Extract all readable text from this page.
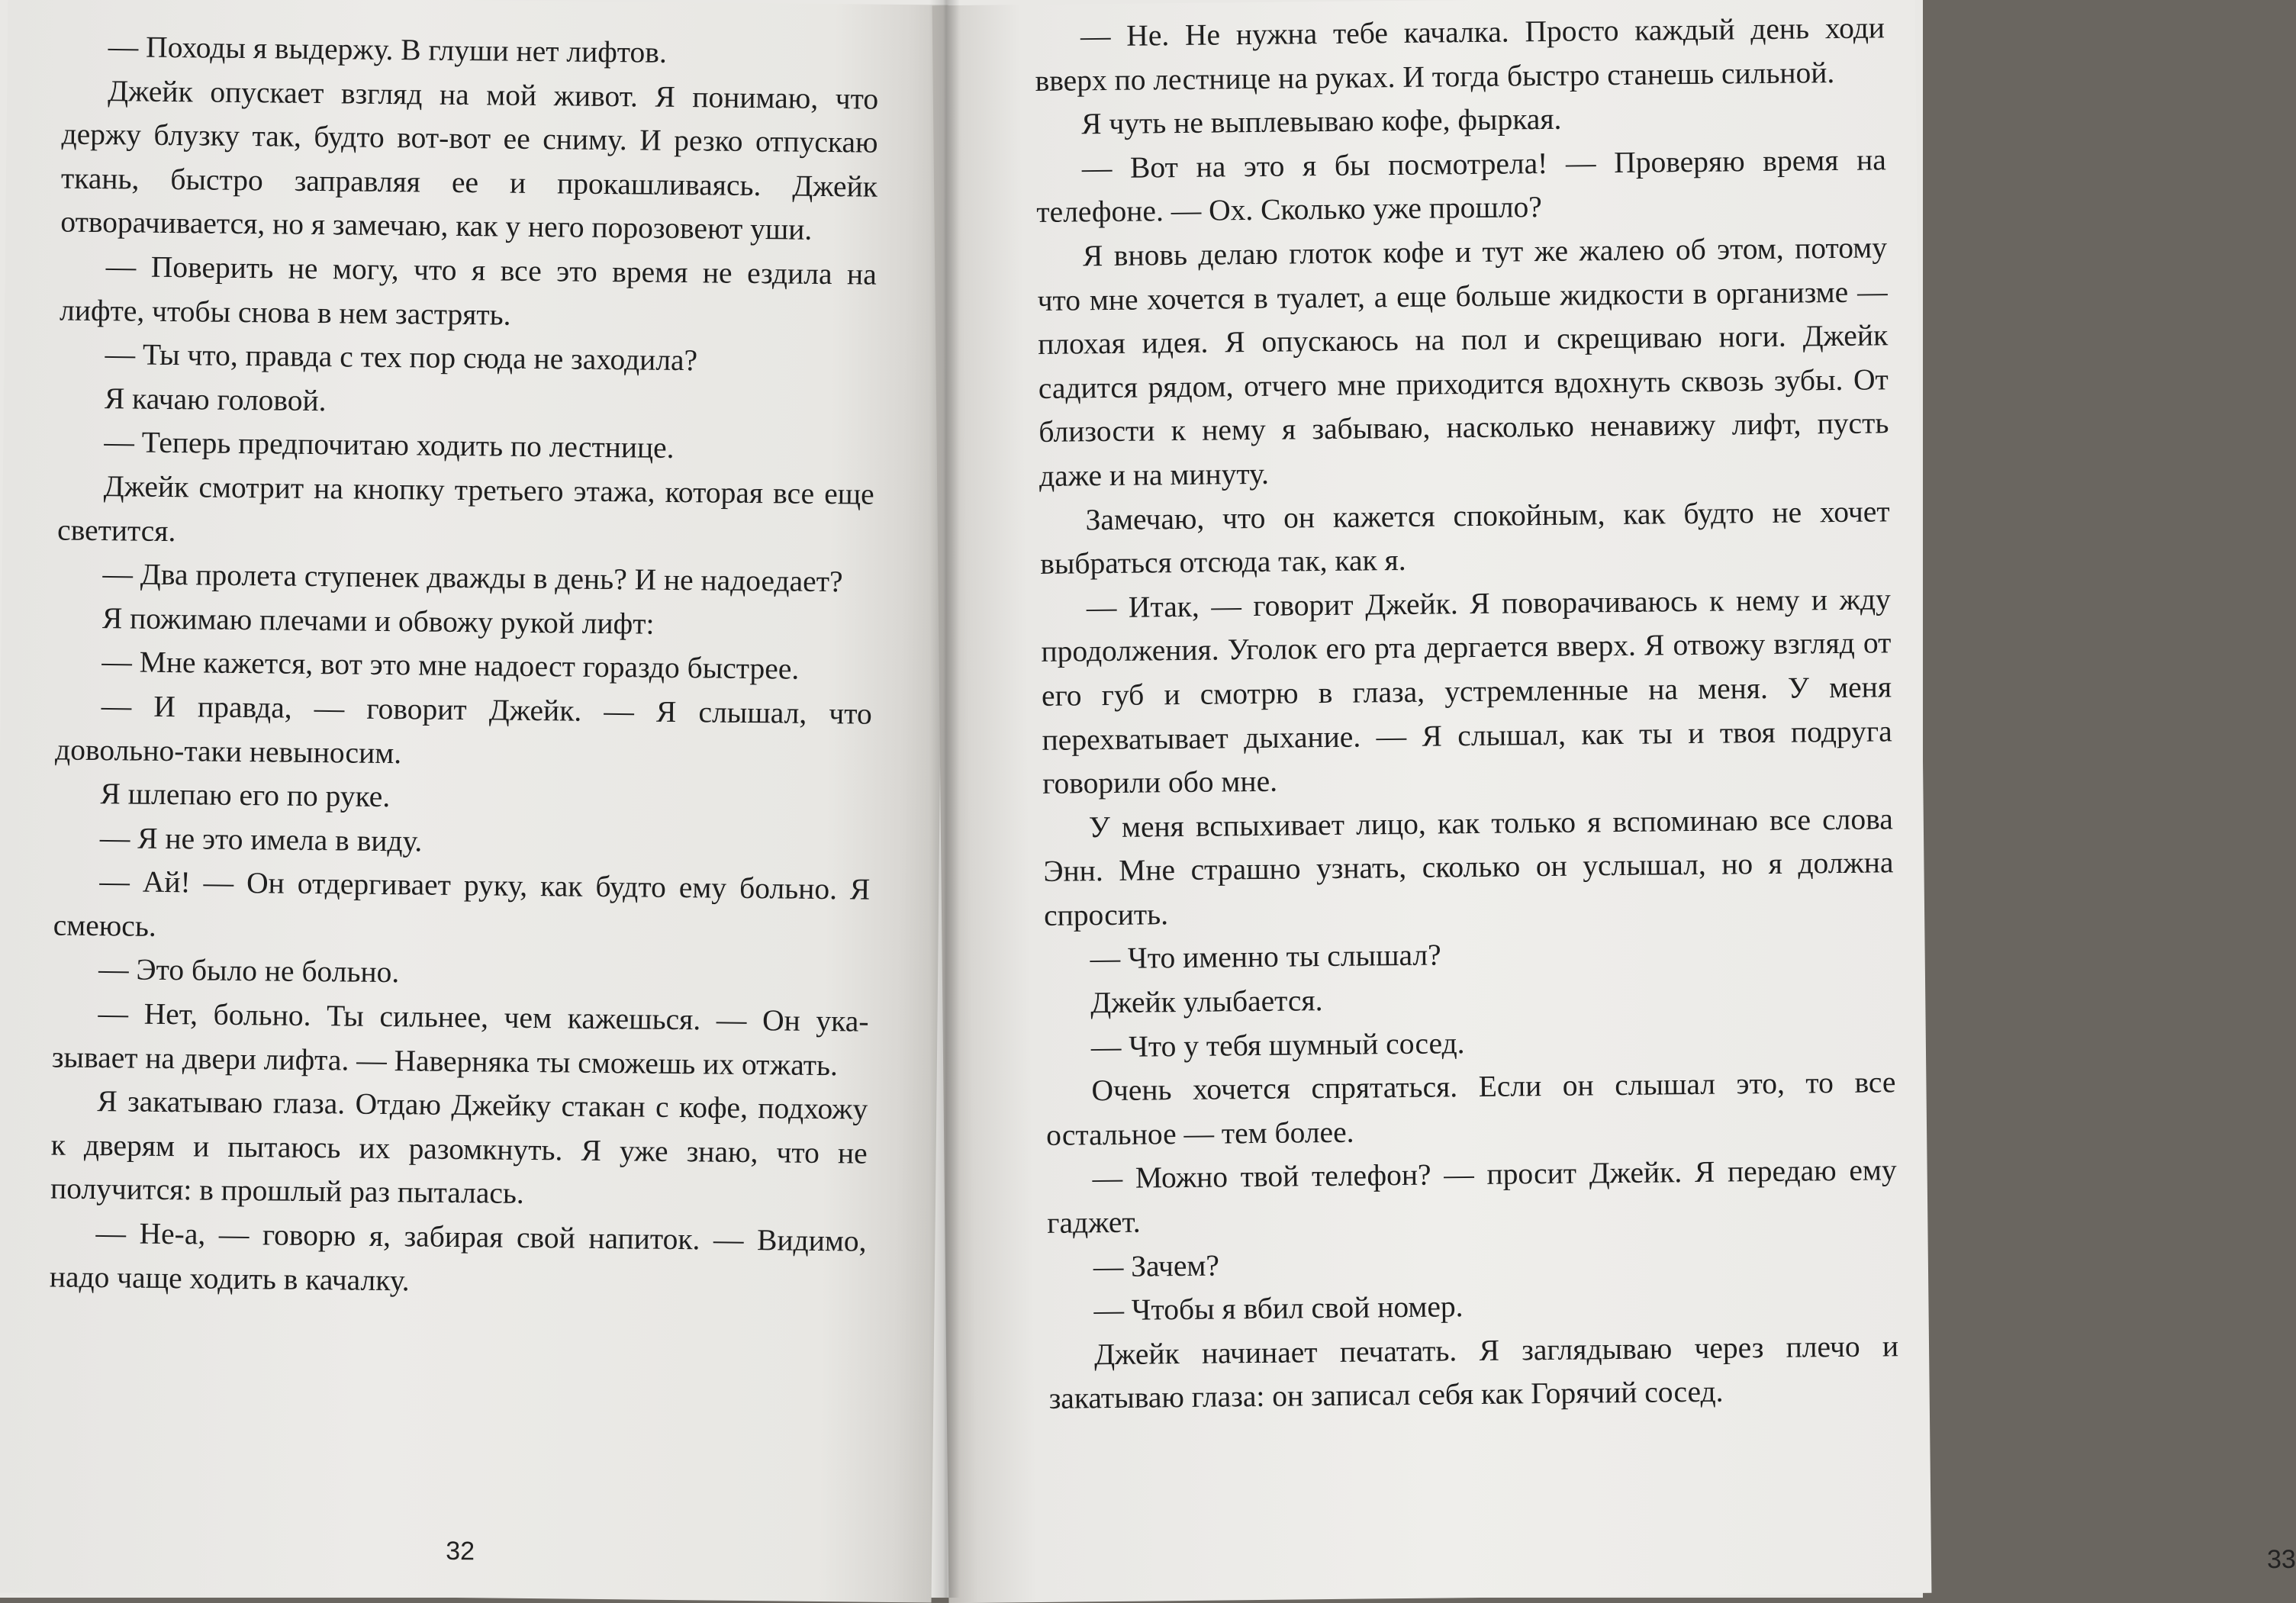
— Походы я выдержу. В глуши нет лифтов.

Джейк опускает взгляд на мой живот. Я понимаю, что держу блузку так, будто вот-вот ее сниму. И резко отпускаю ткань, быстро заправляя ее и прокашливаясь. Джейк отворачивается, но я замечаю, как у него порозовеют уши.

— Поверить не могу, что я все это время не ездила на лифте, чтобы снова в нем застрять.

— Ты что, правда с тех пор сюда не заходила?

Я качаю головой.

— Теперь предпочитаю ходить по лестнице.

Джейк смотрит на кнопку третьего этажа, которая все еще светится.

— Два пролета ступенек дважды в день? И не надоедает?

Я пожимаю плечами и обвожу рукой лифт:

— Мне кажется, вот это мне надоест гораздо быстрее.

— И правда, — говорит Джейк. — Я слышал, что довольно-таки невыносим.

Я шлепаю его по руке.

— Я не это имела в виду.

— Ай! — Он отдергивает руку, как будто ему больно. Я смеюсь.

— Это было не больно.

— Нет, больно. Ты сильнее, чем кажешься. — Он указывает на двери лифта. — Наверняка ты сможешь их отжать.

Я закатываю глаза. Отдаю Джейку стакан с кофе, подхожу к дверям и пытаюсь их разомкнуть. Я уже знаю, что не получится: в прошлый раз пыталась.

— Не-а, — говорю я, забирая свой напиток. — Видимо, надо чаще ходить в качалку.

32

— Не. Не нужна тебе качалка. Просто каждый день ходи вверх по лестнице на руках. И тогда быстро станешь сильной.

Я чуть не выплевываю кофе, фыркая.

— Вот на это я бы посмотрела! — Проверяю время на телефоне. — Ох. Сколько уже прошло?

Я вновь делаю глоток кофе и тут же жалею об этом, потому что мне хочется в туалет, а еще больше жидкости в организме — плохая идея. Я опускаюсь на пол и скрещиваю ноги. Джейк садится рядом, отчего мне приходится вдохнуть сквозь зубы. От близости к нему я забываю, насколько ненавижу лифт, пусть даже и на минуту.

Замечаю, что он кажется спокойным, как будто не хочет выбраться отсюда так, как я.

— Итак, — говорит Джейк. Я поворачиваюсь к нему и жду продолжения. Уголок его рта дергается вверх. Я отвожу взгляд от его губ и смотрю в глаза, устремленные на меня. У меня перехватывает дыхание. — Я слышал, как ты и твоя подруга говорили обо мне.

У меня вспыхивает лицо, как только я вспоминаю все слова Энн. Мне страшно узнать, сколько он услышал, но я должна спросить.

— Что именно ты слышал?

Джейк улыбается.

— Что у тебя шумный сосед.

Очень хочется спрятаться. Если он слышал это, то все остальное — тем более.

— Можно твой телефон? — просит Джейк. Я передаю ему гаджет.

— Зачем?

— Чтобы я вбил свой номер.

Джейк начинает печатать. Я заглядываю через плечо и закатываю глаза: он записал себя как Горячий сосед.

33
